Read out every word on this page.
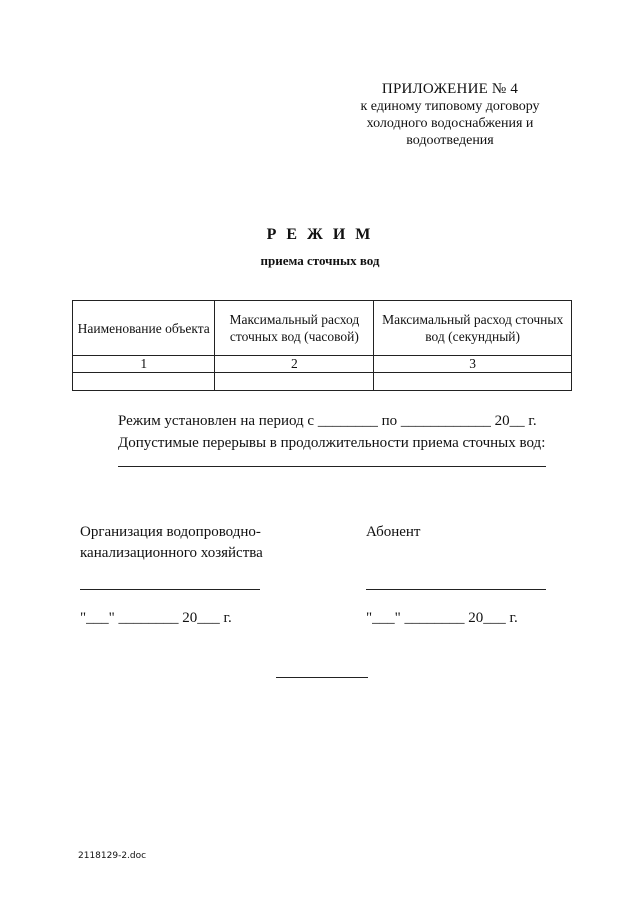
ПРИЛОЖЕНИЕ № 4
к единому типовому договору
холодного водоснабжения и
водоотведения
Р Е Ж И М
приема сточных вод
Наименование объекта	Максимальный расход сточных вод (часовой)	Максимальный расход сточных вод (секундный)
1	2	3

Режим установлен на период с ________ по ____________ 20__ г.
Допустимые перерывы в продолжительности приема сточных вод:
Организация водопроводно-
канализационного хозяйства
"___" ________ 20___ г.
Абонент
"___" ________ 20___ г.
2118129-2.doc
